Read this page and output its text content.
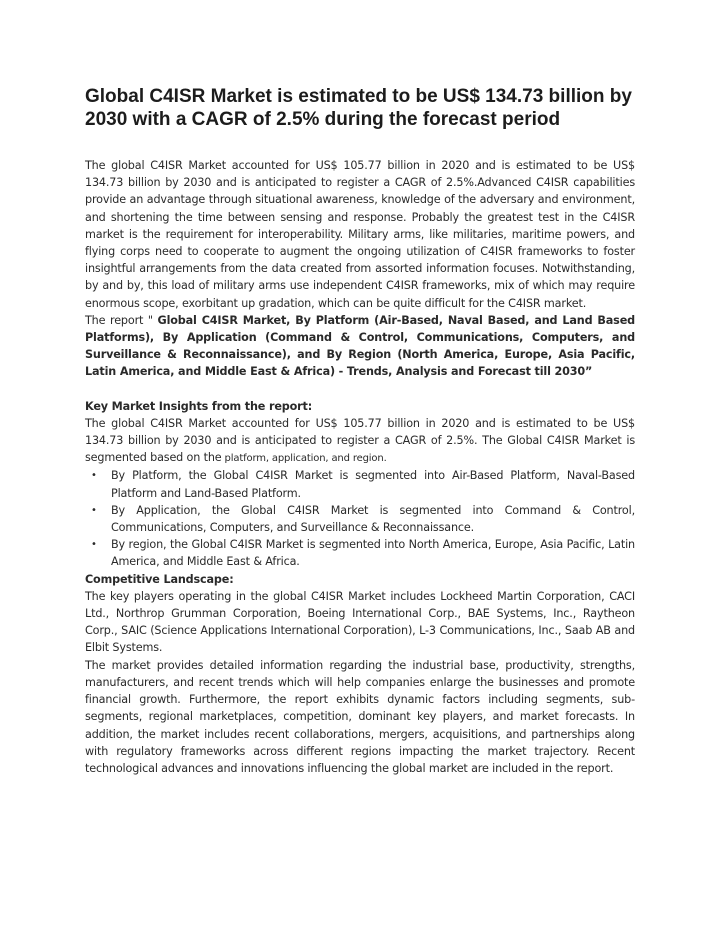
Global C4ISR Market is estimated to be US$ 134.73 billion by 2030 with a CAGR of 2.5% during the forecast period

The global C4ISR Market accounted for US$ 105.77 billion in 2020 and is estimated to be US$ 134.73 billion by 2030 and is anticipated to register a CAGR of 2.5%.Advanced C4ISR capabilities provide an advantage through situational awareness, knowledge of the adversary and environment, and shortening the time between sensing and response. Probably the greatest test in the C4ISR market is the requirement for interoperability. Military arms, like militaries, maritime powers, and flying corps need to cooperate to augment the ongoing utilization of C4ISR frameworks to foster insightful arrangements from the data created from assorted information focuses. Notwithstanding, by and by, this load of military arms use independent C4ISR frameworks, mix of which may require enormous scope, exorbitant up gradation, which can be quite difficult for the C4ISR market.

The report " Global C4ISR Market, By Platform (Air-Based, Naval Based, and Land Based Platforms), By Application (Command & Control, Communications, Computers, and Surveillance & Reconnaissance), and By Region (North America, Europe, Asia Pacific, Latin America, and Middle East & Africa) - Trends, Analysis and Forecast till 2030”

Key Market Insights from the report:

The global C4ISR Market accounted for US$ 105.77 billion in 2020 and is estimated to be US$ 134.73 billion by 2030 and is anticipated to register a CAGR of 2.5%. The Global C4ISR Market is segmented based on the platform, application, and region.

• By Platform, the Global C4ISR Market is segmented into Air-Based Platform, Naval-Based Platform and Land-Based Platform.
• By Application, the Global C4ISR Market is segmented into Command & Control, Communications, Computers, and Surveillance & Reconnaissance.
• By region, the Global C4ISR Market is segmented into North America, Europe, Asia Pacific, Latin America, and Middle East & Africa.

Competitive Landscape:

The key players operating in the global C4ISR Market includes Lockheed Martin Corporation, CACI Ltd., Northrop Grumman Corporation, Boeing International Corp., BAE Systems, Inc., Raytheon Corp., SAIC (Science Applications International Corporation), L-3 Communications, Inc., Saab AB and Elbit Systems.

The market provides detailed information regarding the industrial base, productivity, strengths, manufacturers, and recent trends which will help companies enlarge the businesses and promote financial growth. Furthermore, the report exhibits dynamic factors including segments, sub-segments, regional marketplaces, competition, dominant key players, and market forecasts. In addition, the market includes recent collaborations, mergers, acquisitions, and partnerships along with regulatory frameworks across different regions impacting the market trajectory. Recent technological advances and innovations influencing the global market are included in the report.
